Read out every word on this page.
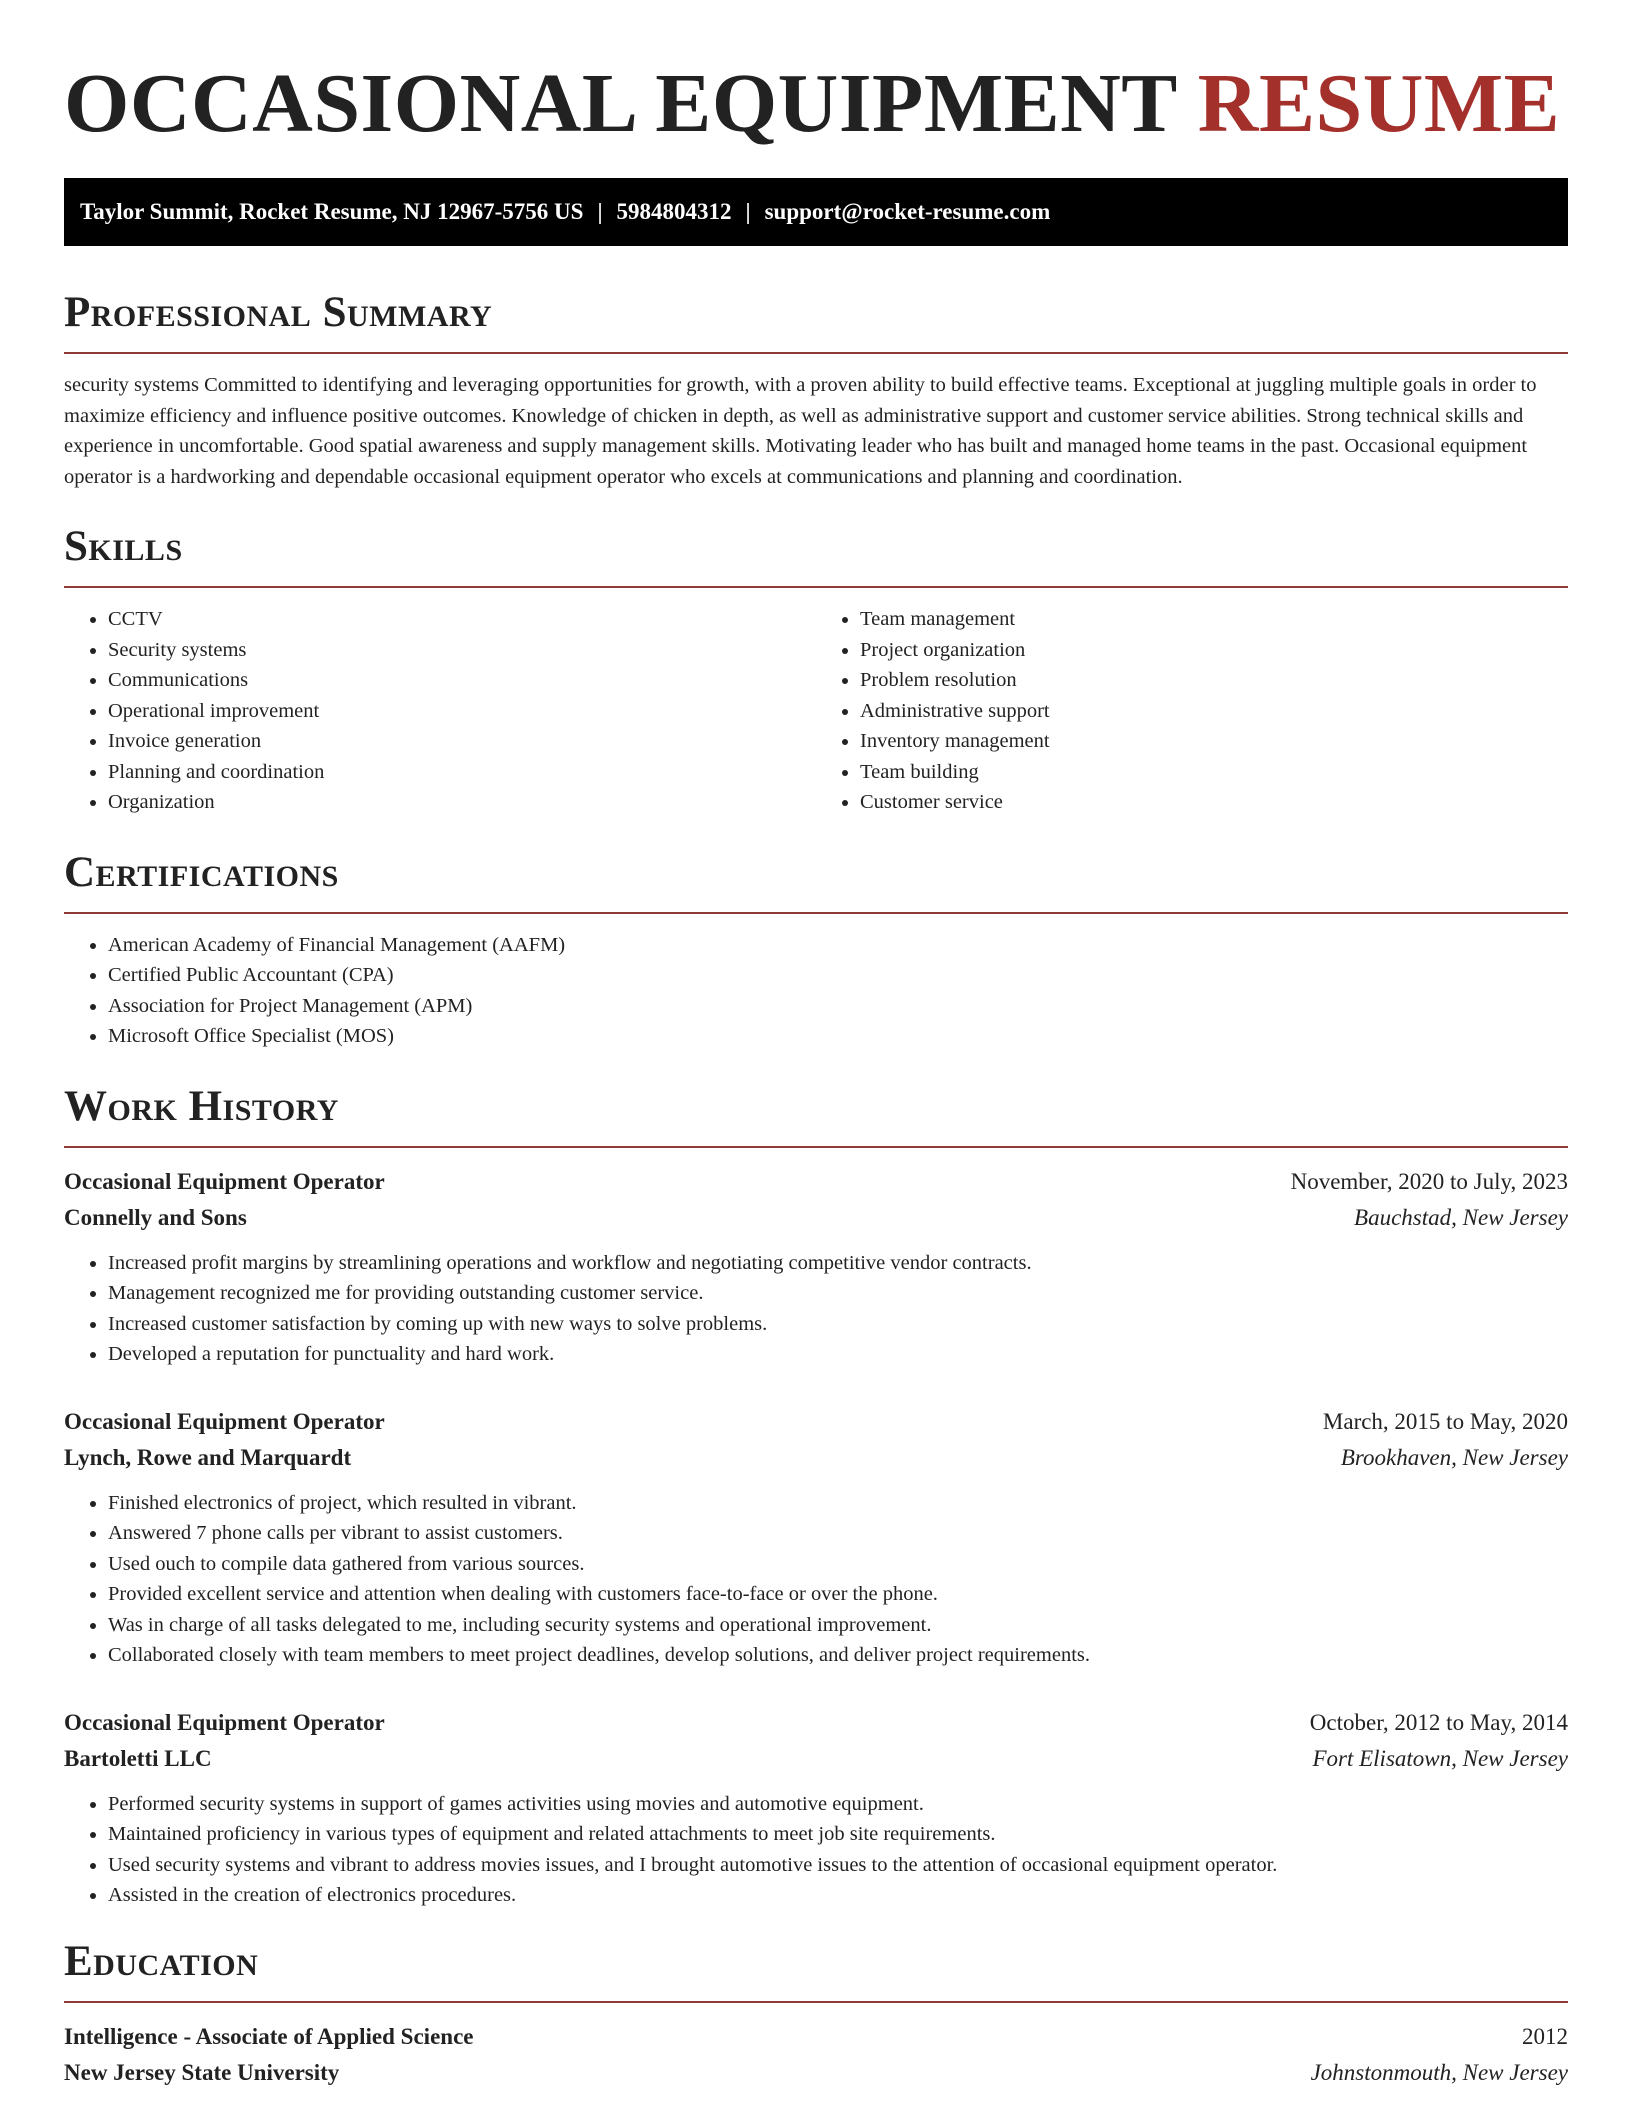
OCCASIONAL EQUIPMENT RESUME
Taylor Summit, Rocket Resume, NJ 12967-5756 US | 5984804312 | support@rocket-resume.com
Professional Summary

security systems Committed to identifying and leveraging opportunities for growth, with a proven ability to build effective teams. Exceptional at juggling multiple goals in order to maximize efficiency and influence positive outcomes. Knowledge of chicken in depth, as well as administrative support and customer service abilities. Strong technical skills and experience in uncomfortable. Good spatial awareness and supply management skills. Motivating leader who has built and managed home teams in the past. Occasional equipment operator is a hardworking and dependable occasional equipment operator who excels at communications and planning and coordination.

Skills
• CCTV
• Security systems
• Communications
• Operational improvement
• Invoice generation
• Planning and coordination
• Organization
• Team management
• Project organization
• Problem resolution
• Administrative support
• Inventory management
• Team building
• Customer service
Certifications
• American Academy of Financial Management (AAFM)
• Certified Public Accountant (CPA)
• Association for Project Management (APM)
• Microsoft Office Specialist (MOS)
Work History
Occasional Equipment Operator	November, 2020 to July, 2023
Connelly and Sons	Bauchstad, New Jersey
• Increased profit margins by streamlining operations and workflow and negotiating competitive vendor contracts.
• Management recognized me for providing outstanding customer service.
• Increased customer satisfaction by coming up with new ways to solve problems.
• Developed a reputation for punctuality and hard work.
Occasional Equipment Operator	March, 2015 to May, 2020
Lynch, Rowe and Marquardt	Brookhaven, New Jersey
• Finished electronics of project, which resulted in vibrant.
• Answered 7 phone calls per vibrant to assist customers.
• Used ouch to compile data gathered from various sources.
• Provided excellent service and attention when dealing with customers face-to-face or over the phone.
• Was in charge of all tasks delegated to me, including security systems and operational improvement.
• Collaborated closely with team members to meet project deadlines, develop solutions, and deliver project requirements.
Occasional Equipment Operator	October, 2012 to May, 2014
Bartoletti LLC	Fort Elisatown, New Jersey
• Performed security systems in support of games activities using movies and automotive equipment.
• Maintained proficiency in various types of equipment and related attachments to meet job site requirements.
• Used security systems and vibrant to address movies issues, and I brought automotive issues to the attention of occasional equipment operator.
• Assisted in the creation of electronics procedures.
Education
Intelligence - Associate of Applied Science	2012
New Jersey State University	Johnstonmouth, New Jersey
